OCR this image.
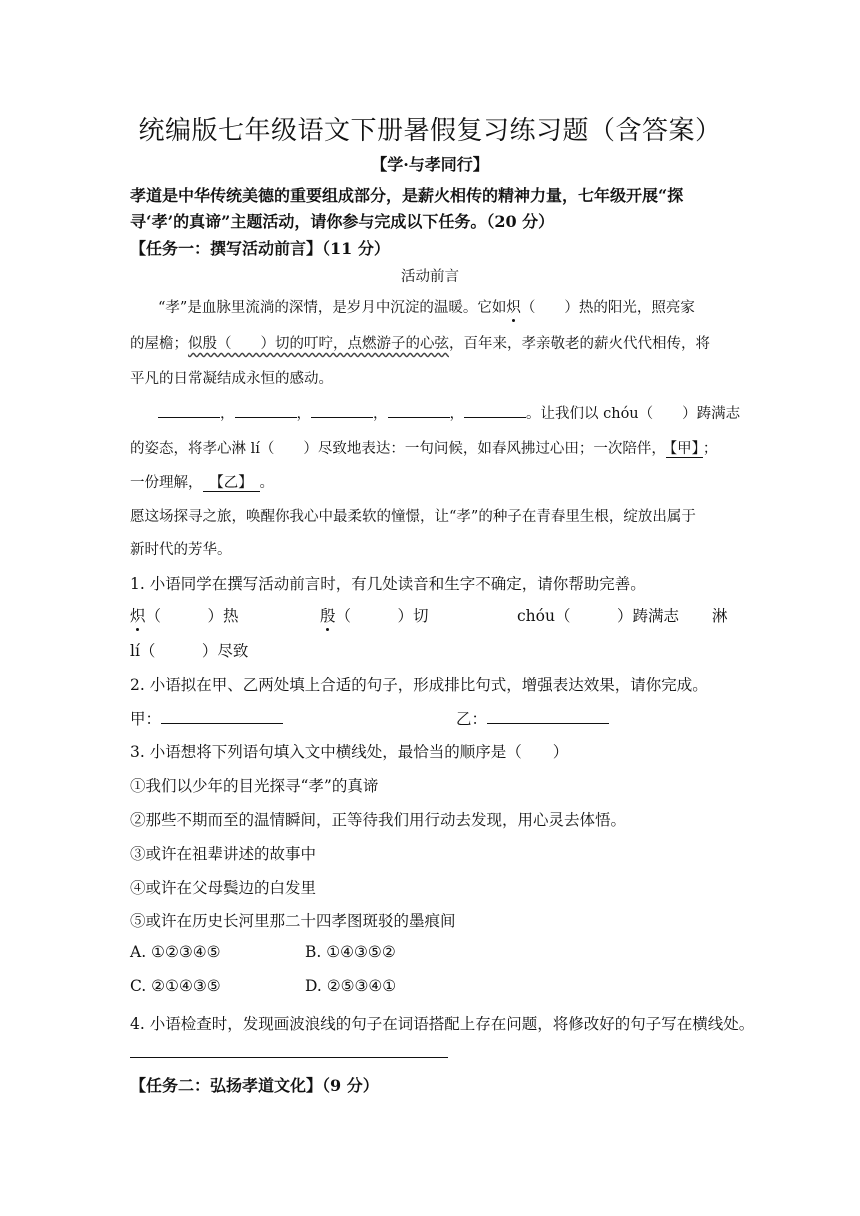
统编版七年级语文下册暑假复习练习题（含答案）
【学·与孝同行】
孝道是中华传统美德的重要组成部分，是薪火相传的精神力量，七年级开展“探
寻‘孝’的真谛”主题活动，请你参与完成以下任务。（20 分）
【任务一：撰写活动前言】（11 分）
活动前言
“孝”是血脉里流淌的深情，是岁月中沉淀的温暖。它如炽（　　）热的阳光，照亮家
的屋檐；似殷（　　）切的叮咛，点燃游子的心弦，百年来，孝亲敬老的薪火代代相传，将
平凡的日常凝结成永恒的感动。
，	，	，	，	。让我们以 chóu（　　）踌满志
的姿态，将孝心淋 lí（　　）尽致地表达：一句问候，如春风拂过心田；一次陪伴， 【甲】 ；
一份理解， 【乙】 。
愿这场探寻之旅，唤醒你我心中最柔软的憧憬，让“孝”的种子在青春里生根，绽放出属于
新时代的芳华。
1. 小语同学在撰写活动前言时，有几处读音和生字不确定，请你帮助完善。
炽（　　　）热	殷（　　　）切	chóu（　　　）踌满志 淋
lí（　　　）尽致
2. 小语拟在甲、乙两处填上合适的句子，形成排比句式，增强表达效果，请你完成。
甲：	乙：
3. 小语想将下列语句填入文中横线处，最恰当的顺序是（　　）
①我们以少年的目光探寻“孝”的真谛
②那些不期而至的温情瞬间，正等待我们用行动去发现，用心灵去体悟。
③或许在祖辈讲述的故事中
④或许在父母鬓边的白发里
⑤或许在历史长河里那二十四孝图斑驳的墨痕间
A. ①②③④⑤	B. ①④③⑤②
C. ②①④③⑤	D. ②⑤③④①
4. 小语检查时，发现画波浪线的句子在词语搭配上存在问题，将修改好的句子写在横线处。
【任务二：弘扬孝道文化】（9 分）
